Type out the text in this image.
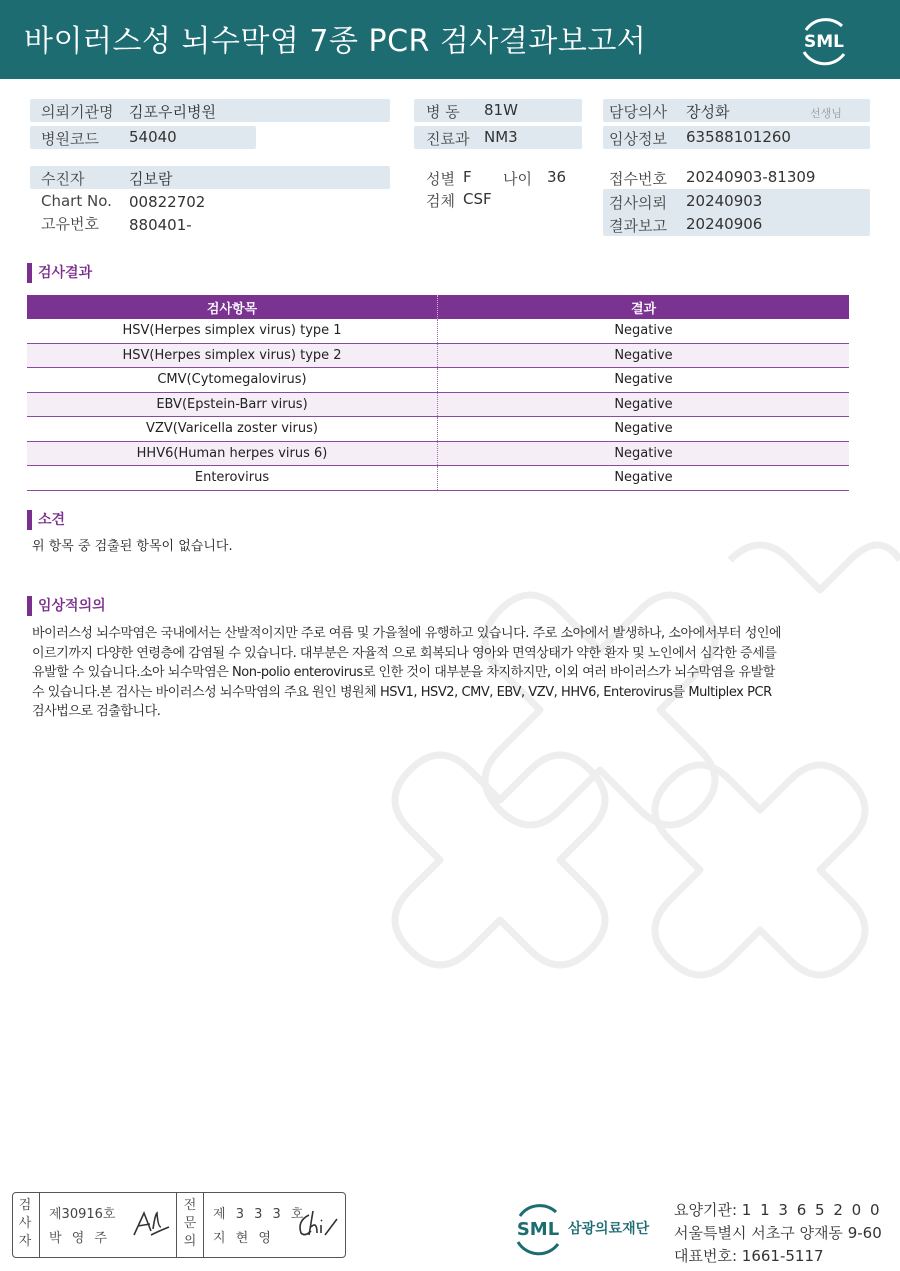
바이러스성 뇌수막염 7종 PCR 검사결과보고서	SML
의뢰기관명 김포우리병원
병원코드 54040
수진자	김보람
Chart No. 00822702
고유번호 880401-
병 동 81W
진료과 NM3
성별 F 나이 36
검체 CSF
담당의사 장성화	선생님
임상정보 63588101260
접수번호 20240903-81309
검사의뢰 20240903
결과보고 20240906
검사결과
검사항목	결과
HSV(Herpes simplex virus) type 1	Negative
HSV(Herpes simplex virus) type 2	Negative
CMV(Cytomegalovirus)	Negative
EBV(Epstein-Barr virus)	Negative
VZV(Varicella zoster virus)	Negative
HHV6(Human herpes virus 6)	Negative
Enterovirus	Negative
소견
위 항목 중 검출된 항목이 없습니다.
임상적의의
바이러스성 뇌수막염은 국내에서는 산발적이지만 주로 여름 및 가을철에 유행하고 있습니다. 주로 소아에서 발생하나, 소아에서부터 성인에
이르기까지 다양한 연령층에 감염될 수 있습니다. 대부분은 자율적 으로 회복되나 영아와 면역상태가 약한 환자 및 노인에서 심각한 증세를
유발할 수 있습니다.소아 뇌수막염은 Non-polio enterovirus로 인한 것이 대부분을 차지하지만, 이외 여러 바이러스가 뇌수막염을 유발할
수 있습니다.본 검사는 바이러스성 뇌수막염의 주요 원인 병원체 HSV1, HSV2, CMV, EBV, VZV, HHV6, Enterovirus를 Multiplex PCR
검사법으로 검출합니다.
검
사
자
제30916호
박 영 주
전
문
의
제 3 3 3 호
지 현 영	SML 삼광의료재단
요양기관: 1 1 3 6 5 2 0 0
서울특별시 서초구 양재동 9-60
대표번호: 1661-5117
